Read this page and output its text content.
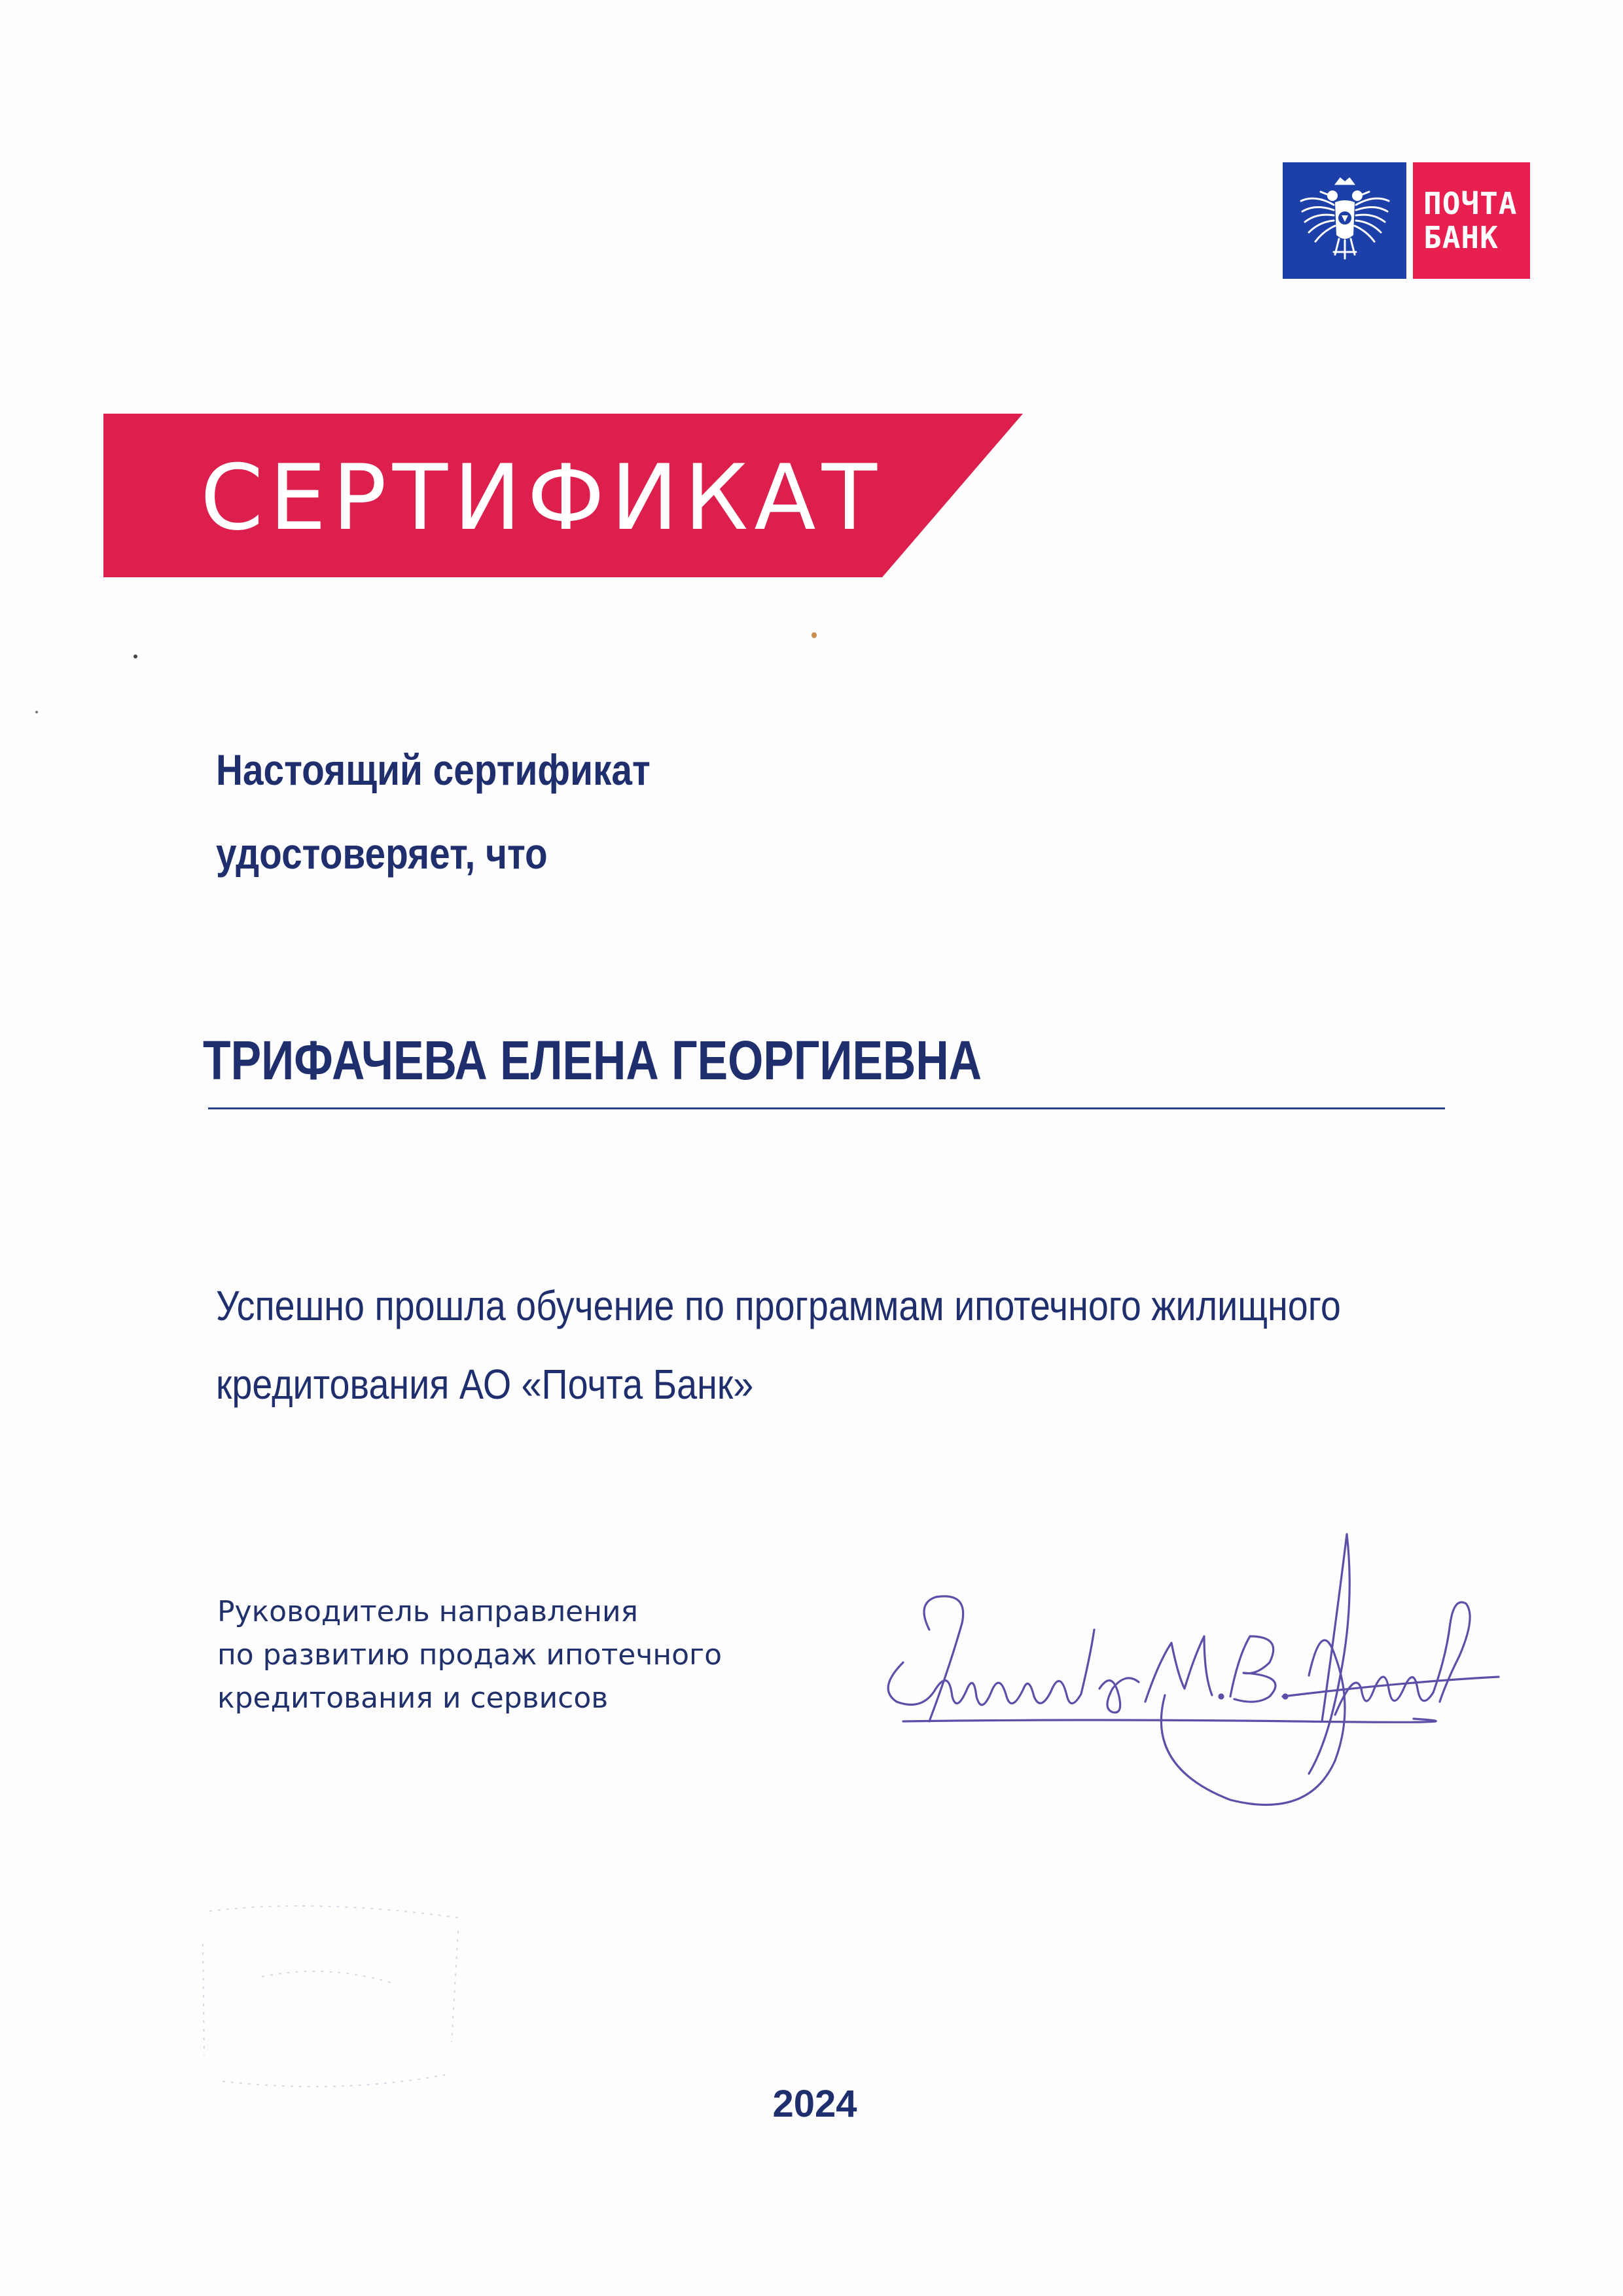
ПОЧТА
БАНК
СЕРТИФИКАТ
Настоящий сертификат
удостоверяет, что
ТРИФАЧЕВА ЕЛЕНА ГЕОРГИЕВНА
Успешно прошла обучение по программам ипотечного жилищного
кредитования АО «Почта Банк»
Руководитель направления
по развитию продаж ипотечного
кредитования и сервисов
2024
